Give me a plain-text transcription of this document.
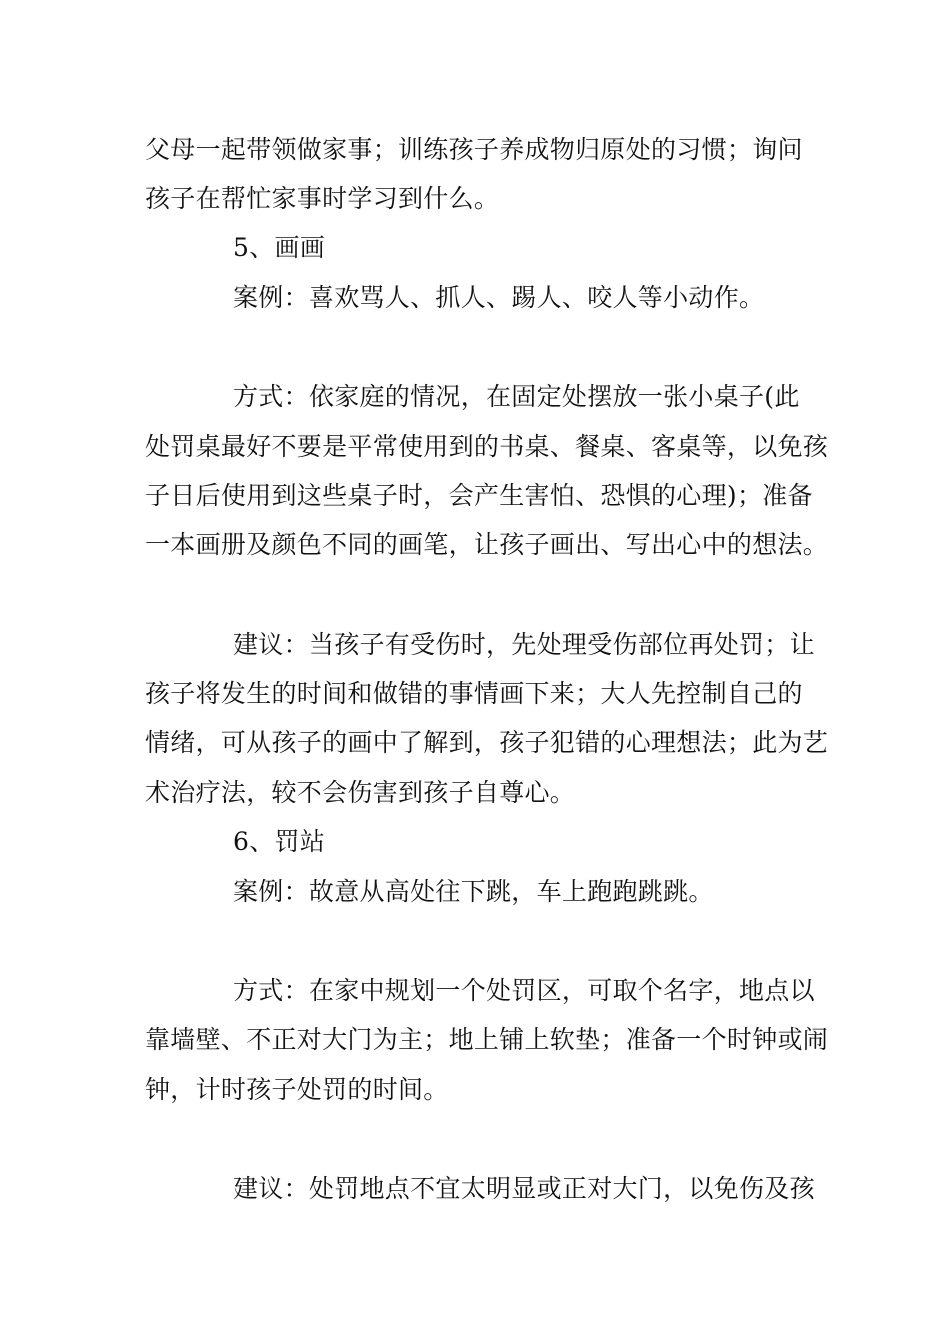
父母一起带领做家事；训练孩子养成物归原处的习惯；询问
孩子在帮忙家事时学习到什么。
5、画画
案例：喜欢骂人、抓人、踢人、咬人等小动作。
方式：依家庭的情况，在固定处摆放一张小桌子(此
处罚桌最好不要是平常使用到的书桌、餐桌、客桌等，以免孩
子日后使用到这些桌子时，会产生害怕、恐惧的心理)；准备
一本画册及颜色不同的画笔，让孩子画出、写出心中的想法。
建议：当孩子有受伤时，先处理受伤部位再处罚；让
孩子将发生的时间和做错的事情画下来；大人先控制自己的
情绪，可从孩子的画中了解到，孩子犯错的心理想法；此为艺
术治疗法，较不会伤害到孩子自尊心。
6、罚站
案例：故意从高处往下跳，车上跑跑跳跳。
方式：在家中规划一个处罚区，可取个名字，地点以
靠墙壁、不正对大门为主；地上铺上软垫；准备一个时钟或闹
钟，计时孩子处罚的时间。
建议：处罚地点不宜太明显或正对大门，以免伤及孩
